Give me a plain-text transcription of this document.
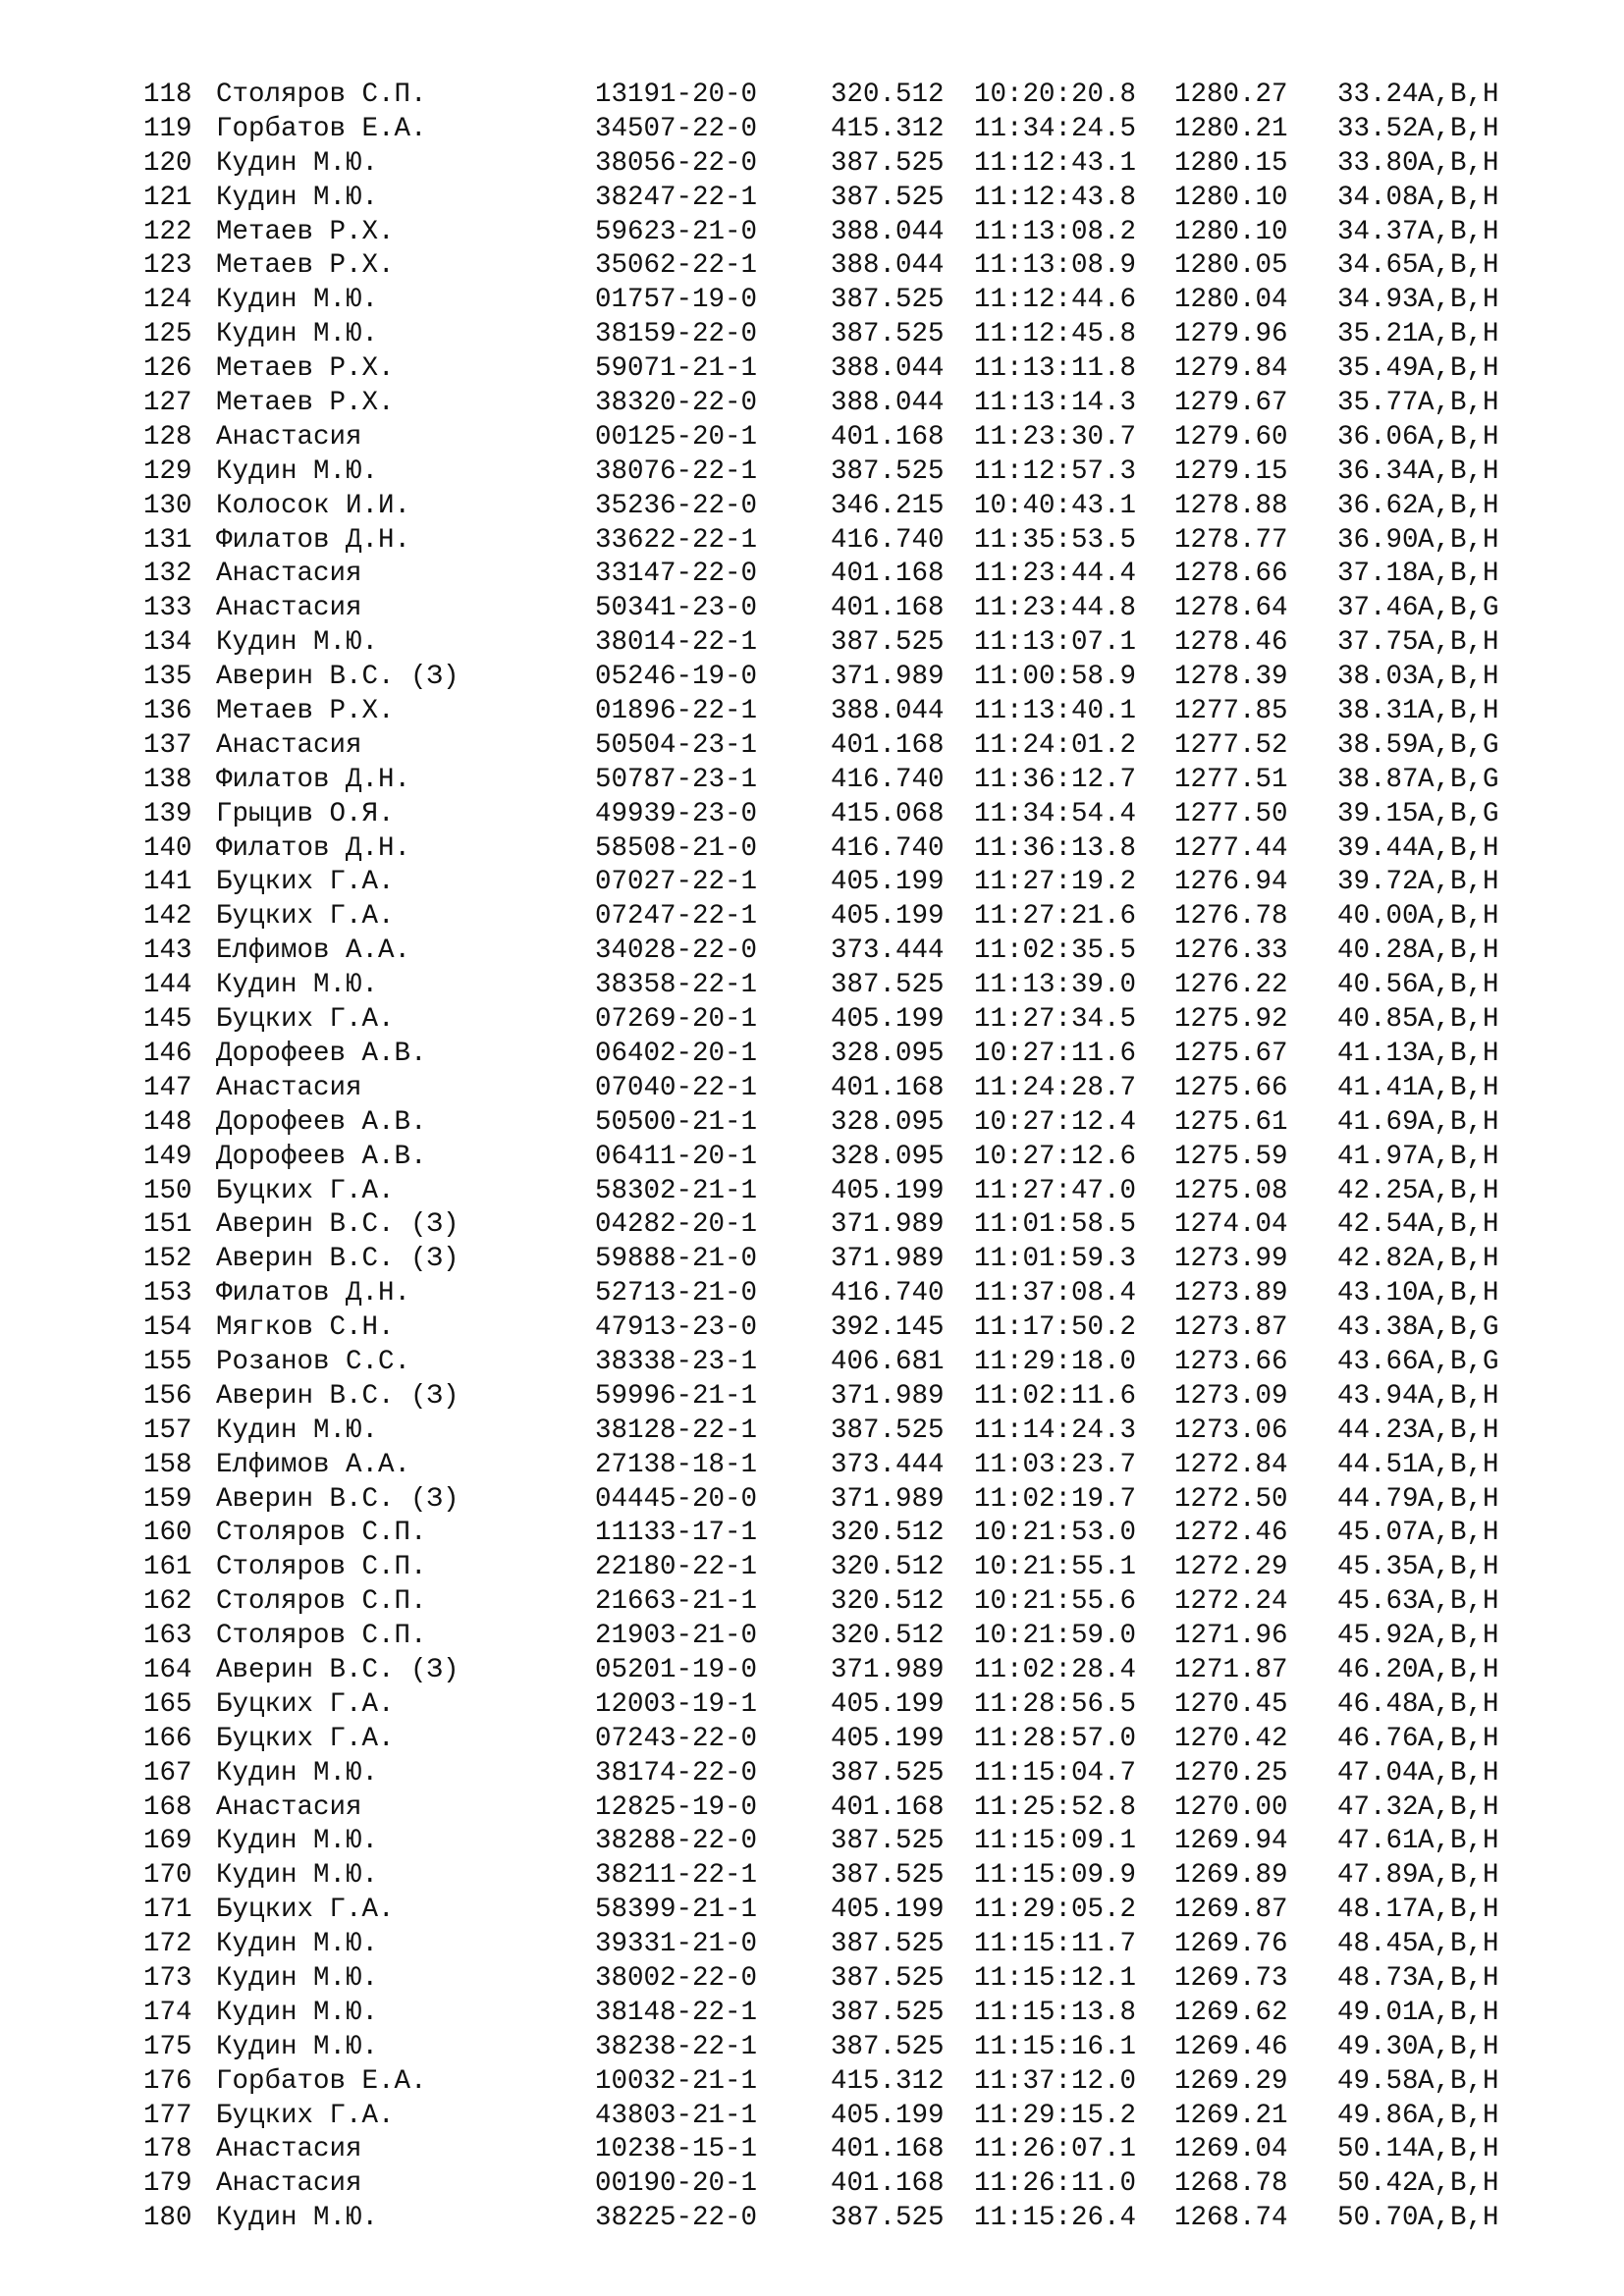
118 Столяров С.П.	13191-20-0	320.512 10:20:20.8 1280.27 33.24 A,B,H
119 Горбатов Е.А.	34507-22-0	415.312 11:34:24.5 1280.21 33.52 A,B,H
120 Кудин М.Ю.	38056-22-0	387.525 11:12:43.1 1280.15 33.80 A,B,H
121 Кудин М.Ю.	38247-22-1	387.525 11:12:43.8 1280.10 34.08 A,B,H
122 Метаев Р.Х.	59623-21-0	388.044 11:13:08.2 1280.10 34.37 A,B,H
123 Метаев Р.Х.	35062-22-1	388.044 11:13:08.9 1280.05 34.65 A,B,H
124 Кудин М.Ю.	01757-19-0	387.525 11:12:44.6 1280.04 34.93 A,B,H
125 Кудин М.Ю.	38159-22-0	387.525 11:12:45.8 1279.96 35.21 A,B,H
126 Метаев Р.Х.	59071-21-1	388.044 11:13:11.8 1279.84 35.49 A,B,H
127 Метаев Р.Х.	38320-22-0	388.044 11:13:14.3 1279.67 35.77 A,B,H
128 Анастасия	00125-20-1	401.168 11:23:30.7 1279.60 36.06 A,B,H
129 Кудин М.Ю.	38076-22-1	387.525 11:12:57.3 1279.15 36.34 A,B,H
130 Колосок И.И.	35236-22-0	346.215 10:40:43.1 1278.88 36.62 A,B,H
131 Филатов Д.Н.	33622-22-1	416.740 11:35:53.5 1278.77 36.90 A,B,H
132 Анастасия	33147-22-0	401.168 11:23:44.4 1278.66 37.18 A,B,H
133 Анастасия	50341-23-0	401.168 11:23:44.8 1278.64 37.46 A,B,G
134 Кудин М.Ю.	38014-22-1	387.525 11:13:07.1 1278.46 37.75 A,B,H
135 Аверин В.С. (З)	05246-19-0	371.989 11:00:58.9 1278.39 38.03 A,B,H
136 Метаев Р.Х.	01896-22-1	388.044 11:13:40.1 1277.85 38.31 A,B,H
137 Анастасия	50504-23-1	401.168 11:24:01.2 1277.52 38.59 A,B,G
138 Филатов Д.Н.	50787-23-1	416.740 11:36:12.7 1277.51 38.87 A,B,G
139 Грыцив О.Я.	49939-23-0	415.068 11:34:54.4 1277.50 39.15 A,B,G
140 Филатов Д.Н.	58508-21-0	416.740 11:36:13.8 1277.44 39.44 A,B,H
141 Буцких Г.А.	07027-22-1	405.199 11:27:19.2 1276.94 39.72 A,B,H
142 Буцких Г.А.	07247-22-1	405.199 11:27:21.6 1276.78 40.00 A,B,H
143 Елфимов А.А.	34028-22-0	373.444 11:02:35.5 1276.33 40.28 A,B,H
144 Кудин М.Ю.	38358-22-1	387.525 11:13:39.0 1276.22 40.56 A,B,H
145 Буцких Г.А.	07269-20-1	405.199 11:27:34.5 1275.92 40.85 A,B,H
146 Дорофеев А.В.	06402-20-1	328.095 10:27:11.6 1275.67 41.13 A,B,H
147 Анастасия	07040-22-1	401.168 11:24:28.7 1275.66 41.41 A,B,H
148 Дорофеев А.В.	50500-21-1	328.095 10:27:12.4 1275.61 41.69 A,B,H
149 Дорофеев А.В.	06411-20-1	328.095 10:27:12.6 1275.59 41.97 A,B,H
150 Буцких Г.А.	58302-21-1	405.199 11:27:47.0 1275.08 42.25 A,B,H
151 Аверин В.С. (З)	04282-20-1	371.989 11:01:58.5 1274.04 42.54 A,B,H
152 Аверин В.С. (З)	59888-21-0	371.989 11:01:59.3 1273.99 42.82 A,B,H
153 Филатов Д.Н.	52713-21-0	416.740 11:37:08.4 1273.89 43.10 A,B,H
154 Мягков С.Н.	47913-23-0	392.145 11:17:50.2 1273.87 43.38 A,B,G
155 Розанов С.С.	38338-23-1	406.681 11:29:18.0 1273.66 43.66 A,B,G
156 Аверин В.С. (З)	59996-21-1	371.989 11:02:11.6 1273.09 43.94 A,B,H
157 Кудин М.Ю.	38128-22-1	387.525 11:14:24.3 1273.06 44.23 A,B,H
158 Елфимов А.А.	27138-18-1	373.444 11:03:23.7 1272.84 44.51 A,B,H
159 Аверин В.С. (З)	04445-20-0	371.989 11:02:19.7 1272.50 44.79 A,B,H
160 Столяров С.П.	11133-17-1	320.512 10:21:53.0 1272.46 45.07 A,B,H
161 Столяров С.П.	22180-22-1	320.512 10:21:55.1 1272.29 45.35 A,B,H
162 Столяров С.П.	21663-21-1	320.512 10:21:55.6 1272.24 45.63 A,B,H
163 Столяров С.П.	21903-21-0	320.512 10:21:59.0 1271.96 45.92 A,B,H
164 Аверин В.С. (З)	05201-19-0	371.989 11:02:28.4 1271.87 46.20 A,B,H
165 Буцких Г.А.	12003-19-1	405.199 11:28:56.5 1270.45 46.48 A,B,H
166 Буцких Г.А.	07243-22-0	405.199 11:28:57.0 1270.42 46.76 A,B,H
167 Кудин М.Ю.	38174-22-0	387.525 11:15:04.7 1270.25 47.04 A,B,H
168 Анастасия	12825-19-0	401.168 11:25:52.8 1270.00 47.32 A,B,H
169 Кудин М.Ю.	38288-22-0	387.525 11:15:09.1 1269.94 47.61 A,B,H
170 Кудин М.Ю.	38211-22-1	387.525 11:15:09.9 1269.89 47.89 A,B,H
171 Буцких Г.А.	58399-21-1	405.199 11:29:05.2 1269.87 48.17 A,B,H
172 Кудин М.Ю.	39331-21-0	387.525 11:15:11.7 1269.76 48.45 A,B,H
173 Кудин М.Ю.	38002-22-0	387.525 11:15:12.1 1269.73 48.73 A,B,H
174 Кудин М.Ю.	38148-22-1	387.525 11:15:13.8 1269.62 49.01 A,B,H
175 Кудин М.Ю.	38238-22-1	387.525 11:15:16.1 1269.46 49.30 A,B,H
176 Горбатов Е.А.	10032-21-1	415.312 11:37:12.0 1269.29 49.58 A,B,H
177 Буцких Г.А.	43803-21-1	405.199 11:29:15.2 1269.21 49.86 A,B,H
178 Анастасия	10238-15-1	401.168 11:26:07.1 1269.04 50.14 A,B,H
179 Анастасия	00190-20-1	401.168 11:26:11.0 1268.78 50.42 A,B,H
180 Кудин М.Ю.	38225-22-0	387.525 11:15:26.4 1268.74 50.70 A,B,H
